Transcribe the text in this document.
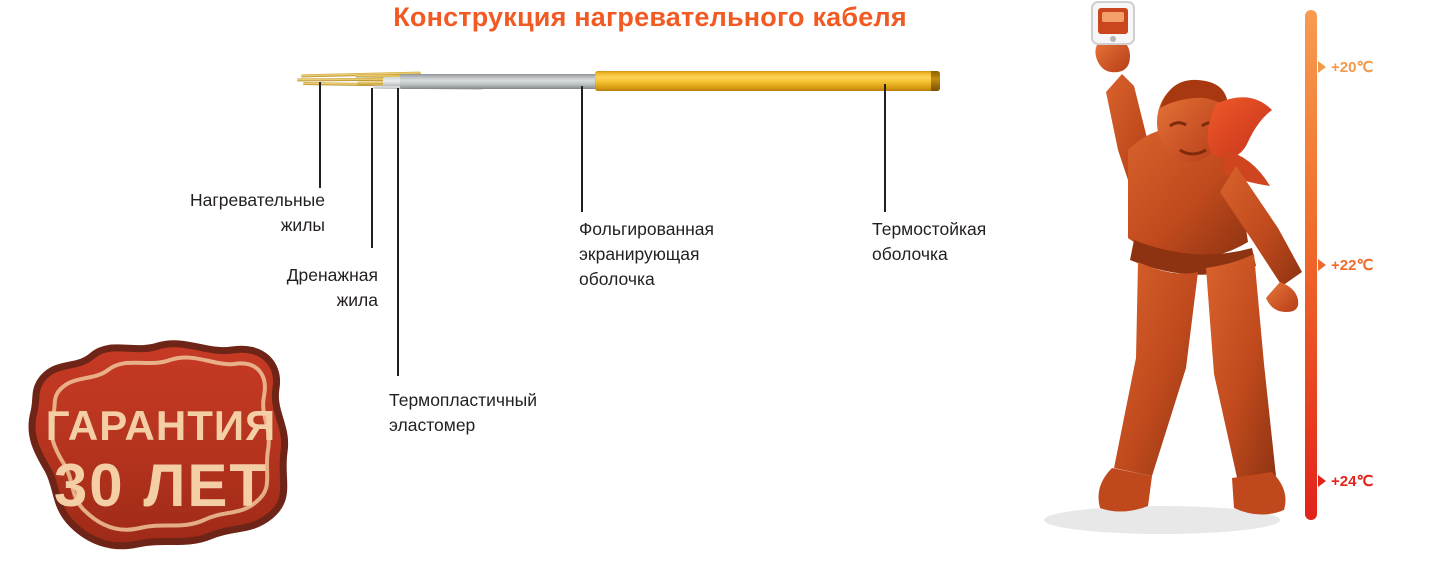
Конструкция нагревательного кабеля
Нагревательные
жилы
Дренажная
жила
Термопластичный
эластомер
Фольгированная
экранирующая
оболочка
Термостойкая
оболочка
ГАРАНТИЯ
30 ЛЕТ
+20℃
+22℃
+24℃
